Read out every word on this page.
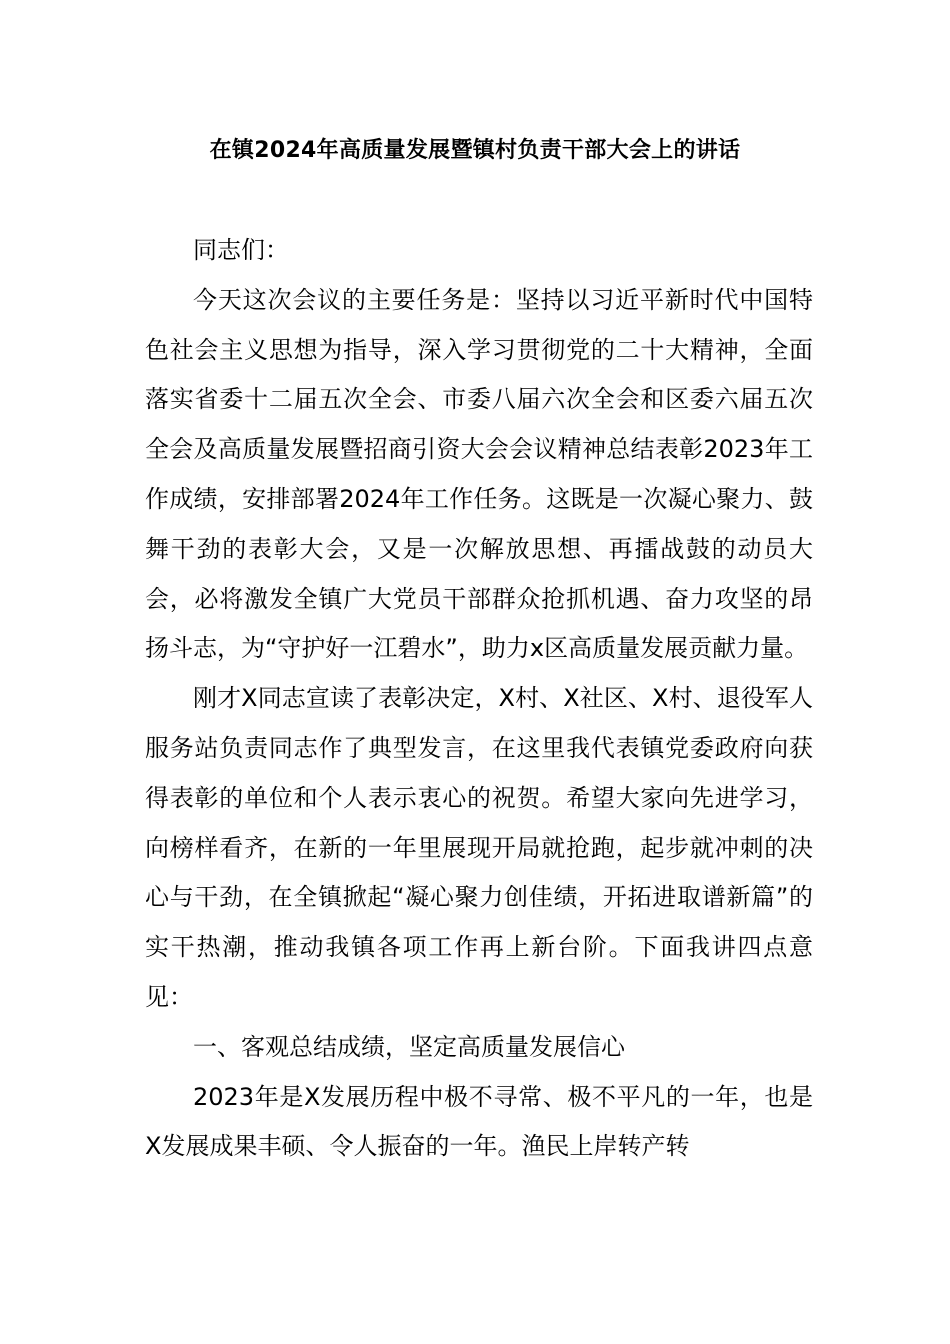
在镇2024年高质量发展暨镇村负责干部大会上的讲话

同志们：

今天这次会议的主要任务是：坚持以习近平新时代中国特色社会主义思想为指导，深入学习贯彻党的二十大精神，全面落实省委十二届五次全会、市委八届六次全会和区委六届五次全会及高质量发展暨招商引资大会会议精神总结表彰2023年工作成绩，安排部署2024年工作任务。这既是一次凝心聚力、鼓舞干劲的表彰大会，又是一次解放思想、再擂战鼓的动员大会，必将激发全镇广大党员干部群众抢抓机遇、奋力攻坚的昂扬斗志，为“守护好一江碧水”，助力x区高质量发展贡献力量。

刚才X同志宣读了表彰决定，X村、X社区、X村、退役军人服务站负责同志作了典型发言，在这里我代表镇党委政府向获得表彰的单位和个人表示衷心的祝贺。希望大家向先进学习，向榜样看齐，在新的一年里展现开局就抢跑，起步就冲刺的决心与干劲，在全镇掀起“凝心聚力创佳绩，开拓进取谱新篇”的实干热潮，推动我镇各项工作再上新台阶。下面我讲四点意见：

一、客观总结成绩，坚定高质量发展信心

2023年是X发展历程中极不寻常、极不平凡的一年，也是X发展成果丰硕、令人振奋的一年。渔民上岸转产转
